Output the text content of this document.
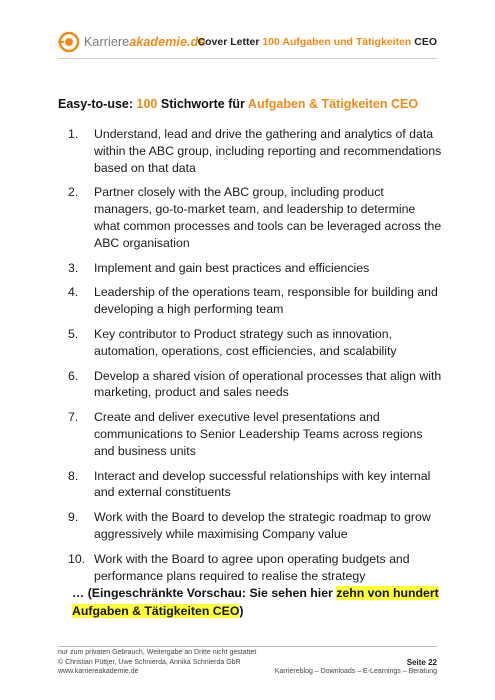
Karriereakademie.de
Cover Letter 100 Aufgaben und Tätigkeiten CEO
Easy-to-use: 100 Stichworte für Aufgaben & Tätigkeiten CEO
1. Understand, lead and drive the gathering and analytics of data within the ABC group, including reporting and recommendations based on that data
2. Partner closely with the ABC group, including product managers, go-to-market team, and leadership to determine what common processes and tools can be leveraged across the ABC organisation
3. Implement and gain best practices and efficiencies
4. Leadership of the operations team, responsible for building and developing a high performing team
5. Key contributor to Product strategy such as innovation, automation, operations, cost efficiencies, and scalability
6. Develop a shared vision of operational processes that align with marketing, product and sales needs
7. Create and deliver executive level presentations and communications to Senior Leadership Teams across regions and business units
8. Interact and develop successful relationships with key internal and external constituents
9. Work with the Board to develop the strategic roadmap to grow aggressively while maximising Company value
10. Work with the Board to agree upon operating budgets and performance plans required to realise the strategy
… (Eingeschränkte Vorschau: Sie sehen hier zehn von hundert Aufgaben & Tätigkeiten CEO)
nur zum privaten Gebrauch, Weitergabe an Dritte nicht gestattet
© Christian Püttjer, Uwe Schnierda, Annika Schnierda GbR	Seite 22
www.karriereakademie.de	Karriereblog – Downloads – E-Learnings – Beratung
